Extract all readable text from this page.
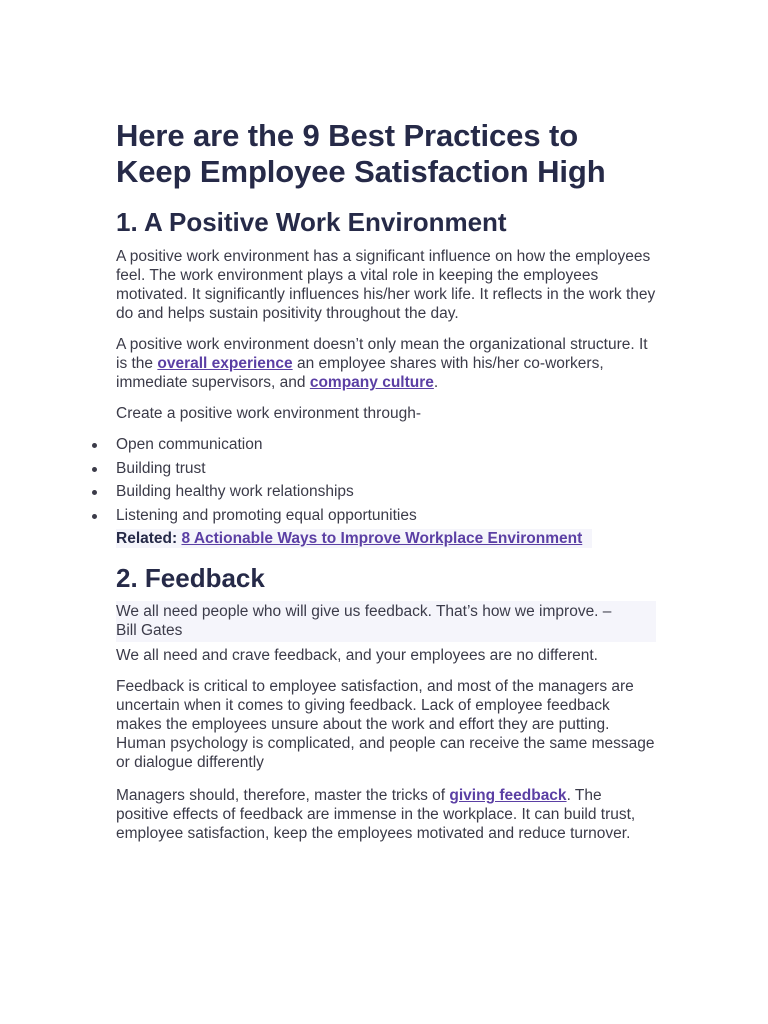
Here are the 9 Best Practices to Keep Employee Satisfaction High
1. A Positive Work Environment

A positive work environment has a significant influence on how the employees feel. The work environment plays a vital role in keeping the employees motivated. It significantly influences his/her work life. It reflects in the work they do and helps sustain positivity throughout the day.

A positive work environment doesn’t only mean the organizational structure. It is the overall experience an employee shares with his/her co-workers, immediate supervisors, and company culture.

Create a positive work environment through-

Open communication
Building trust
Building healthy work relationships
Listening and promoting equal opportunities
Related: 8 Actionable Ways to Improve Workplace Environment
2. Feedback
We all need people who will give us feedback. That’s how we improve. – Bill Gates

We all need and crave feedback, and your employees are no different.

Feedback is critical to employee satisfaction, and most of the managers are uncertain when it comes to giving feedback. Lack of employee feedback makes the employees unsure about the work and effort they are putting. Human psychology is complicated, and people can receive the same message or dialogue differently

Managers should, therefore, master the tricks of giving feedback. The positive effects of feedback are immense in the workplace. It can build trust, employee satisfaction, keep the employees motivated and reduce turnover.
